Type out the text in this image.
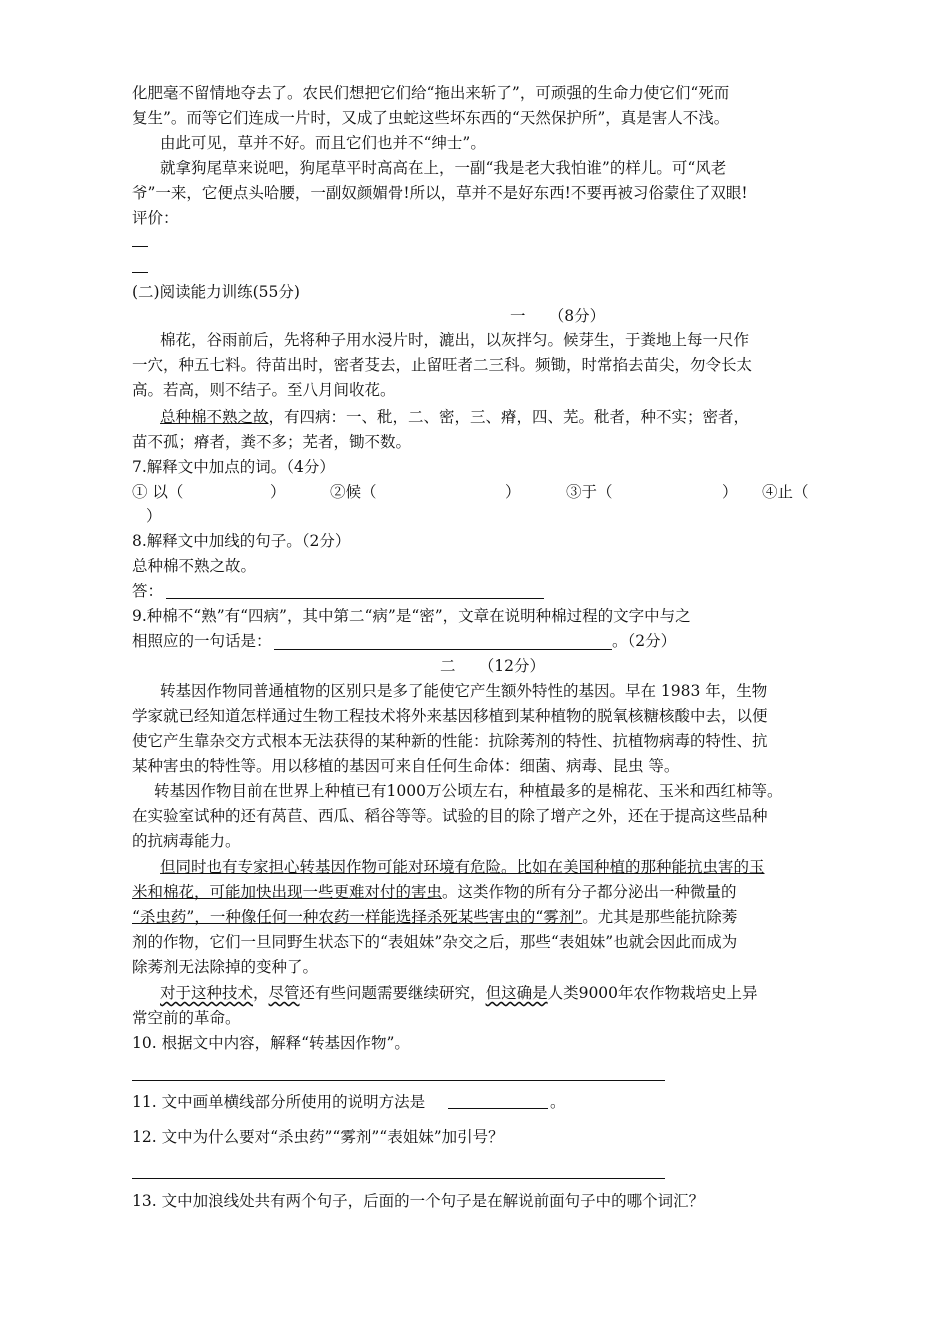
化肥毫不留情地夺去了。农民们想把它们给“拖出来斩了”，可顽强的生命力使它们“死而
复生”。而等它们连成一片时，又成了虫蛇这些坏东西的“天然保护所”，真是害人不浅。
由此可见，草并不好。而且它们也并不“绅士”。
就拿狗尾草来说吧，狗尾草平时高高在上，一副“我是老大我怕谁”的样儿。可“风老
爷”一来，它便点头哈腰，一副奴颜媚骨!所以，草并不是好东西!不要再被习俗蒙住了双眼!
评价：
(二)阅读能力训练(55分)
一　　（8分）
棉花，谷雨前后，先将种子用水浸片时，漉出，以灰拌匀。候芽生，于粪地上每一尺作
一穴，种五七料。待苗出时，密者芟去，止留旺者二三科。频锄，时常掐去苗尖，勿令长太
高。若高，则不结子。至八月间收花。
总种棉不熟之故，有四病：一、秕，二、密，三、瘠，四、芜。秕者，种不实；密者，
苗不孤；瘠者，粪不多；芜者，锄不数。
7.解释文中加点的词。（4分）
① 以（	）	②候（	）	③于（	） ④止（
）
8.解释文中加线的句子。（2分）
总种棉不熟之故。
答：
9.种棉不“熟”有“四病”，其中第二“病”是“密”，文章在说明种棉过程的文字中与之
相照应的一句话是：	。（2分）
二　　（12分）
转基因作物同普通植物的区别只是多了能使它产生额外特性的基因。早在 1983 年，生物
学家就已经知道怎样通过生物工程技术将外来基因移植到某种植物的脱氧核糖核酸中去，以便
使它产生靠杂交方式根本无法获得的某种新的性能：抗除莠剂的特性、抗植物病毒的特性、抗
某种害虫的特性等。用以移植的基因可来自任何生命体：细菌、病毒、昆虫 等。
转基因作物目前在世界上种植已有1000万公顷左右，种植最多的是棉花、玉米和西红柿等。
在实验室试种的还有莴苣、西瓜、稻谷等等。试验的目的除了增产之外，还在于提高这些品种
的抗病毒能力。
但同时也有专家担心转基因作物可能对环境有危险。比如在美国种植的那种能抗虫害的玉
米和棉花，可能加快出现一些更难对付的害虫。这类作物的所有分子都分泌出一种微量的
“杀虫药”，一种像任何一种农药一样能选择杀死某些害虫的“雾剂”。尤其是那些能抗除莠
剂的作物，它们一旦同野生状态下的“表姐妹”杂交之后，那些“表姐妹”也就会因此而成为
除莠剂无法除掉的变种了。
对于这种技术，尽管还有些问题需要继续研究，但这确是人类9000年农作物栽培史上异
常空前的革命。
10. 根据文中内容，解释“转基因作物”。
11. 文中画单横线部分所使用的说明方法是	。
12. 文中为什么要对“杀虫药”“雾剂”“表姐妹”加引号？
13. 文中加浪线处共有两个句子，后面的一个句子是在解说前面句子中的哪个词汇？
